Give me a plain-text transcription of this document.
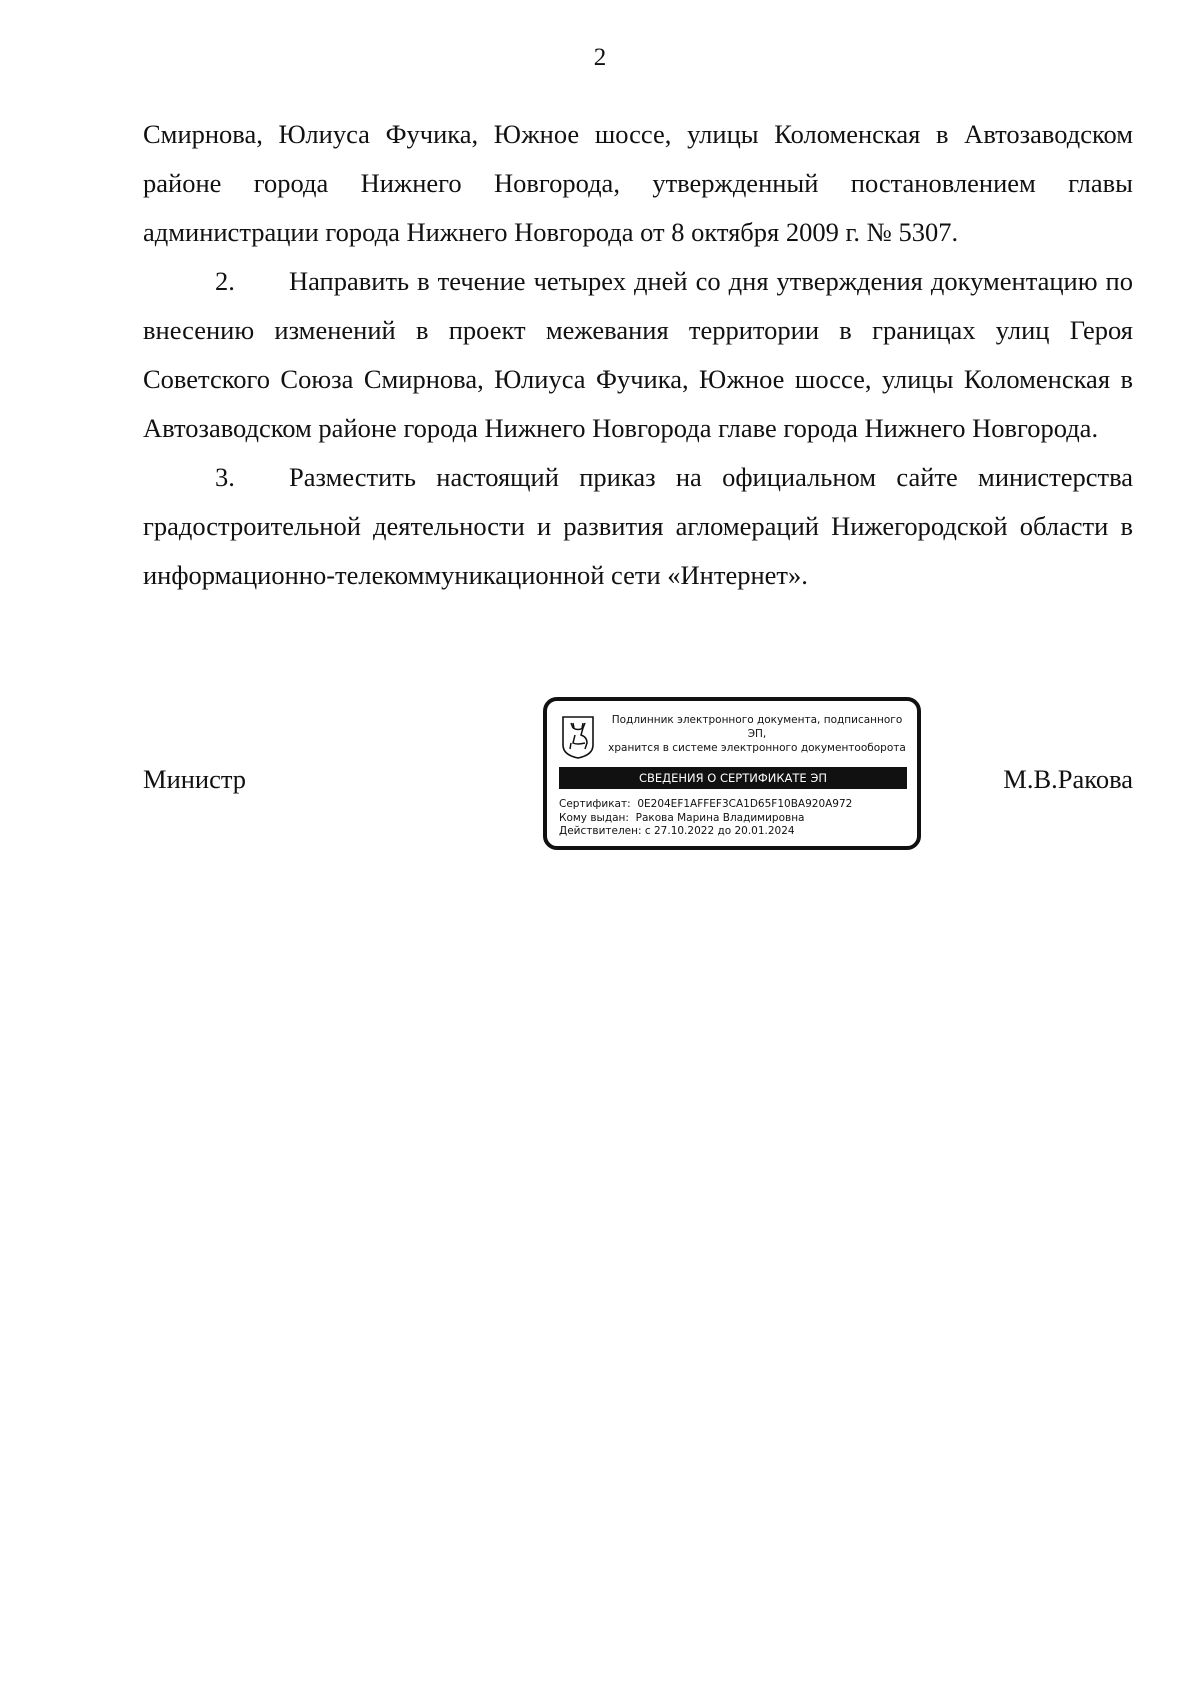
2

Смирнова, Юлиуса Фучика, Южное шоссе, улицы Коломенская в Автозаводском районе города Нижнего Новгорода, утвержденный постановлением главы администрации города Нижнего Новгорода от 8 октября 2009 г. № 5307.

2. Направить в течение четырех дней со дня утверждения документацию по внесению изменений в проект межевания территории в границах улиц Героя Советского Союза Смирнова, Юлиуса Фучика, Южное шоссе, улицы Коломенская в Автозаводском районе города Нижнего Новгорода главе города Нижнего Новгорода.

3. Разместить настоящий приказ на официальном сайте министерства градостроительной деятельности и развития агломераций Нижегородской области в информационно-телекоммуникационной сети «Интернет».

Министр
Подлинник электронного документа, подписанного ЭП,
хранится в системе электронного документооборота
СВЕДЕНИЯ О СЕРТИФИКАТЕ ЭП
Сертификат: 0E204EF1AFFEF3CA1D65F10BA920A972
Кому выдан: Ракова Марина Владимировна
Действителен: с 27.10.2022 до 20.01.2024
М.В.Ракова
